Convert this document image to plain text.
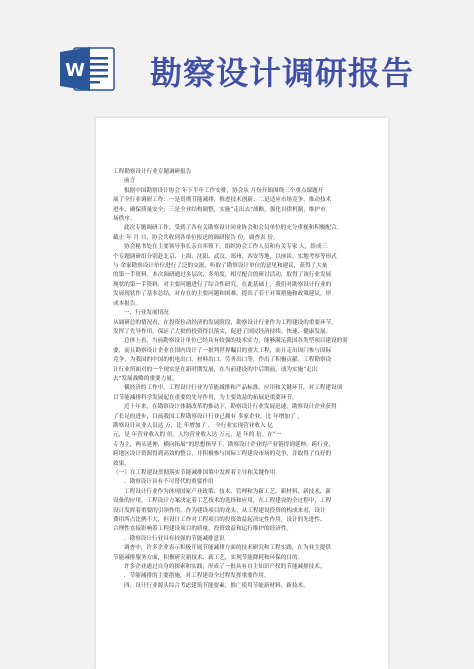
W 勘察设计调研报告

工程勘察设计行业专题调研报告

前言

根据中国勘察设计协会 年下半年工作安排，协会从 月份开始围绕三个重点课题开

展了全行业调研工作：一是贯彻节能减排，推进技术创新；二是适应市场竞争，推动技术

进步，确保质量安全；三是全业结构调整，实施“走出去”战略，强化自律机制，维护市

场秩序。

此次专题调研工作，受到了各有关勘察设计同业协会和会员单位的充分重视和积极配合。

截止 年 月 日，协会共收到各单位报送的调研报告 份，调查表 份。

协会秘书处在主要领导事长亲自率领下，组织协会工作人员和有关专家 人，组成三

个专题调研组分别赴北京、上海、沈阳、武汉、郑州、西安等地，以座谈、实地考察等形式

与 余家勘察设计单位进行了泛的交流，听取了勘察设计单位的意见和建议，获得了大量

的第一手资料。本次调研通过多层次、多角度，相互配合的研讨活动，取得了该行业发展

现状的第一手资料，对主要问题进行了综合性研究。在此基础上，我们对勘察设计行业的

发展现状作了基本总结，对存在的主要问题和困难，提出了若干对策措施和政策建议，形

成本报告。

一、行业发展情况

从调研总的情况看，在投资拉动经济的发展阶段，勘察设计行业作为工程建设的重要环节，

发挥了先导作用，保证了大批的投资得以落实，促进了国民经济持续、快速、健康发展。

总体上看，当前勘察设计单位已经具有较强的技术实力，能够满足我国各类型项目建设的需

要，而且勘察设计企业在国内设计了一批判世界瞩目的重大工程，而且走出国门参与国际

竞争，为我国的中国的机电出口、材料出口、劳务出口等，作出了积极贡献。工程勘察设

计行业所面对的一个现实是在新时期发展，在当前建设的中后期前，成为实施“走出

去”发展战略的重要力量。

横经济的工作中，工程设计行业为节能减排和产品标准，应用和关键环节，对工程建设项

目节能减排科学发展起在重要的先导作用，为主要效益的拓展是重要环节。

近十年来，在勘察设计体制改革的推动下，勘察设计行业发展迅速。勘察设计企业获得

了长足的进步，目前我国工程勘察设计行业已拥有 多家企业。比 年增加了 ，

勘察设计从业人员达 万，比 年增加了 ， 全行业实现营业收入 亿

元，是 年营业收入的 倍。人均营业收入达 万元，是 年的 倍。在“一

专为主，两头延伸，横向拓展”的思想指导下，勘察设计企业的产业链得到延伸，跨行业，

跨地区设计资源得到高效的整合，并积极参与国际工程建设市场的竞争，并取得了良好的

效果。

（一）在工程建设贯彻落实节能减排国策中发挥着主导和关键作用

．勘察设计具有不可替代的重要作用

工程设计行业作为体现国家产业政策、技术、管理和为新工艺、新材料、新技术、新

设备的应用，工程设计方案决定着工艺技术的选择和应用，在工程建设的全过程中，工程

设计发挥着重要的引领作用，作为建设项目的龙头。从工程建设投资的构成来看，设计

费用所占比例不大，但设计工作对工程项目的投资效益起决定性作用，设计的先进性、

合理性直接影响着工程建设项目的质量、投资效益和运行维护的经济性。

．勘察设计行业具有较强的节能减排意识

调查中，许多企业表示积极开展节能减排方面的技术研究和工程实践，在为业主提供

节能减排服务方面，积极研究新技术、新工艺，实现节能降耗和环保的目的。

许多企业通过自身的探索和实践，形成了一批具有自主知识产权的节能减排技术。

．节能减排的主要措施，对工程建设全过程发挥重要作用。

四、设计行业源头综合考虑建筑节能要素，推广使用节能新材料、新技术。
